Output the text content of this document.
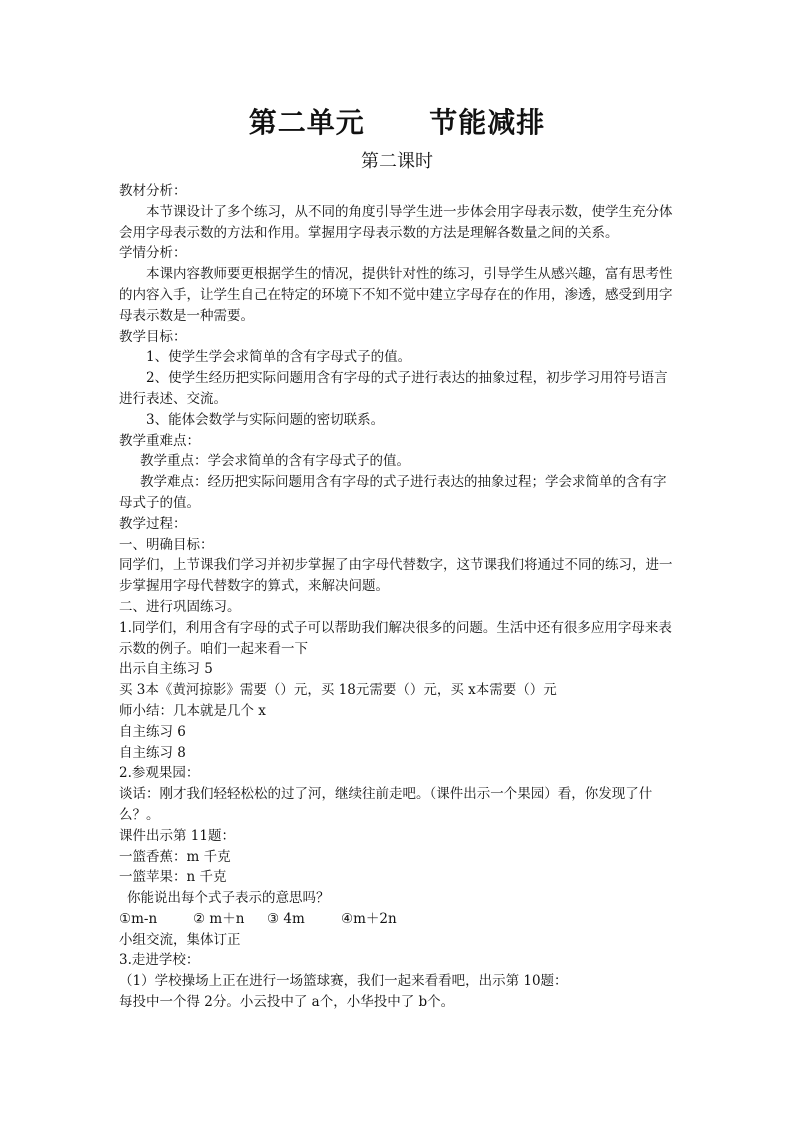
第二单元      节能减排
第二课时

教材分析：

本节课设计了多个练习，从不同的角度引导学生进一步体会用字母表示数，使学生充分体会用字母表示数的方法和作用。掌握用字母表示数的方法是理解各数量之间的关系。

学情分析：

本课内容教师要更根据学生的情况，提供针对性的练习，引导学生从感兴趣，富有思考性的内容入手，让学生自己在特定的环境下不知不觉中建立字母存在的作用，渗透，感受到用字母表示数是一种需要。

教学目标：

1、使学生学会求简单的含有字母式子的值。

2、使学生经历把实际问题用含有字母的式子进行表达的抽象过程，初步学习用符号语言进行表述、交流。

3、能体会数学与实际问题的密切联系。

教学重难点：

教学重点：学会求简单的含有字母式子的值。

教学难点：经历把实际问题用含有字母的式子进行表达的抽象过程；学会求简单的含有字母式子的值。

教学过程：

一、明确目标：

同学们，上节课我们学习并初步掌握了由字母代替数字，这节课我们将通过不同的练习，进一步掌握用字母代替数字的算式，来解决问题。

二、进行巩固练习。

1.同学们，利用含有字母的式子可以帮助我们解决很多的问题。生活中还有很多应用字母来表示数的例子。咱们一起来看一下

出示自主练习 5

买 3本《黄河掠影》需要（）元，买 18元需要（）元，买 x本需要（）元

师小结：几本就是几个 x

自主练习 6

自主练习 8

2.参观果园：

谈话：刚才我们轻轻松松的过了河，继续往前走吧。（课件出示一个果园）看，你发现了什么？。

课件出示第 11题：

一篮香蕉：m 千克

一篮苹果：n 千克

你能说出每个式子表示的意思吗？

①m-n	② m＋n ③ 4m	④m＋2n

小组交流，集体订正

3.走进学校：

（1）学校操场上正在进行一场篮球赛，我们一起来看看吧，出示第 10题：

每投中一个得 2分。小云投中了 a个，小华投中了 b个。
